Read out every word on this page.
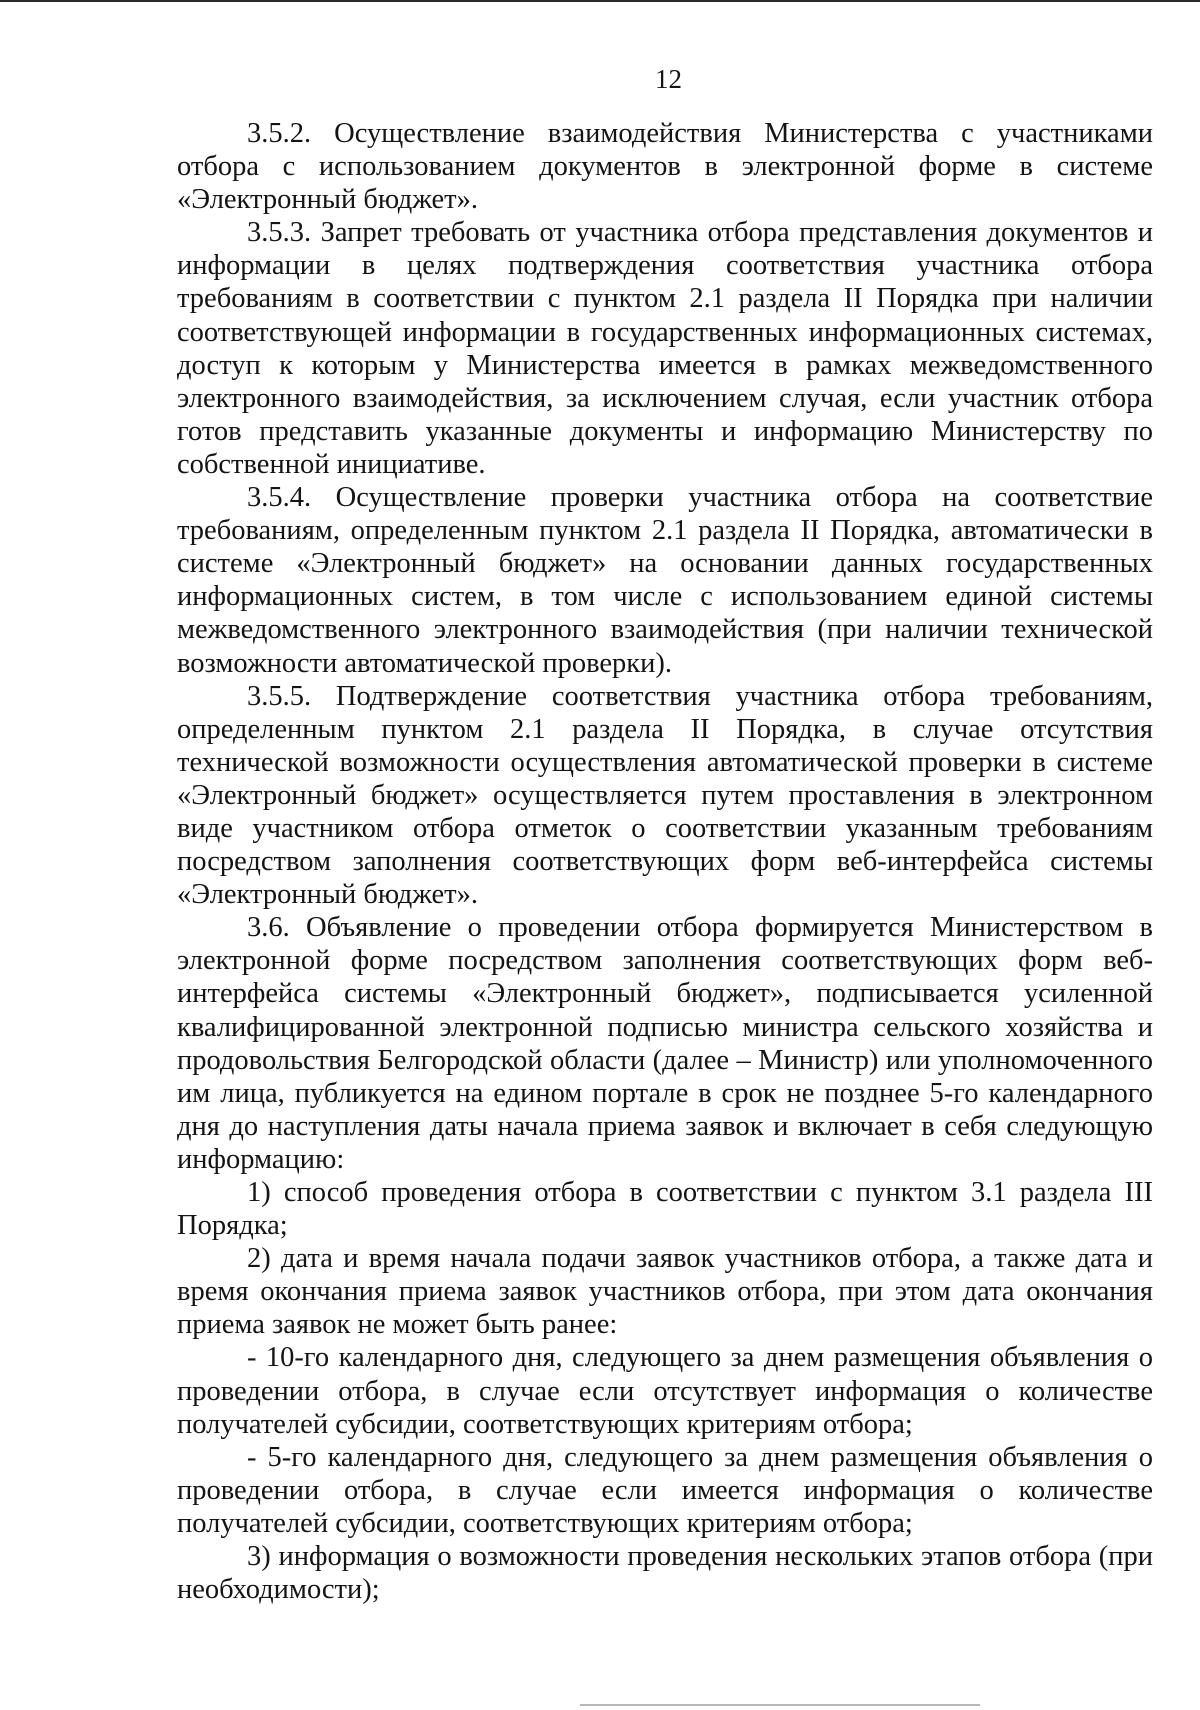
12

3.5.2. Осуществление взаимодействия Министерства с участниками отбора с использованием документов в электронной форме в системе «Электронный бюджет».

3.5.3. Запрет требовать от участника отбора представления документов и информации в целях подтверждения соответствия участника отбора требованиям в соответствии с пунктом 2.1 раздела II Порядка при наличии соответствующей информации в государственных информационных системах, доступ к которым у Министерства имеется в рамках межведомственного электронного взаимодействия, за исключением случая, если участник отбора готов представить указанные документы и информацию Министерству по собственной инициативе.

3.5.4. Осуществление проверки участника отбора на соответствие требованиям, определенным пунктом 2.1 раздела II Порядка, автоматически в системе «Электронный бюджет» на основании данных государственных информационных систем, в том числе с использованием единой системы межведомственного электронного взаимодействия (при наличии технической возможности автоматической проверки).

3.5.5. Подтверждение соответствия участника отбора требованиям, определенным пунктом 2.1 раздела II Порядка, в случае отсутствия технической возможности осуществления автоматической проверки в системе «Электронный бюджет» осуществляется путем проставления в электронном виде участником отбора отметок о соответствии указанным требованиям посредством заполнения соответствующих форм веб-интерфейса системы «Электронный бюджет».

3.6. Объявление о проведении отбора формируется Министерством в электронной форме посредством заполнения соответствующих форм веб-интерфейса системы «Электронный бюджет», подписывается усиленной квалифицированной электронной подписью министра сельского хозяйства и продовольствия Белгородской области (далее – Министр) или уполномоченного им лица, публикуется на едином портале в срок не позднее 5-го календарного дня до наступления даты начала приема заявок и включает в себя следующую информацию:

1) способ проведения отбора в соответствии с пунктом 3.1 раздела III Порядка;

2) дата и время начала подачи заявок участников отбора, а также дата и время окончания приема заявок участников отбора, при этом дата окончания приема заявок не может быть ранее:

- 10-го календарного дня, следующего за днем размещения объявления о проведении отбора, в случае если отсутствует информация о количестве получателей субсидии, соответствующих критериям отбора;

- 5-го календарного дня, следующего за днем размещения объявления о проведении отбора, в случае если имеется информация о количестве получателей субсидии, соответствующих критериям отбора;

3) информация о возможности проведения нескольких этапов отбора (при необходимости);
